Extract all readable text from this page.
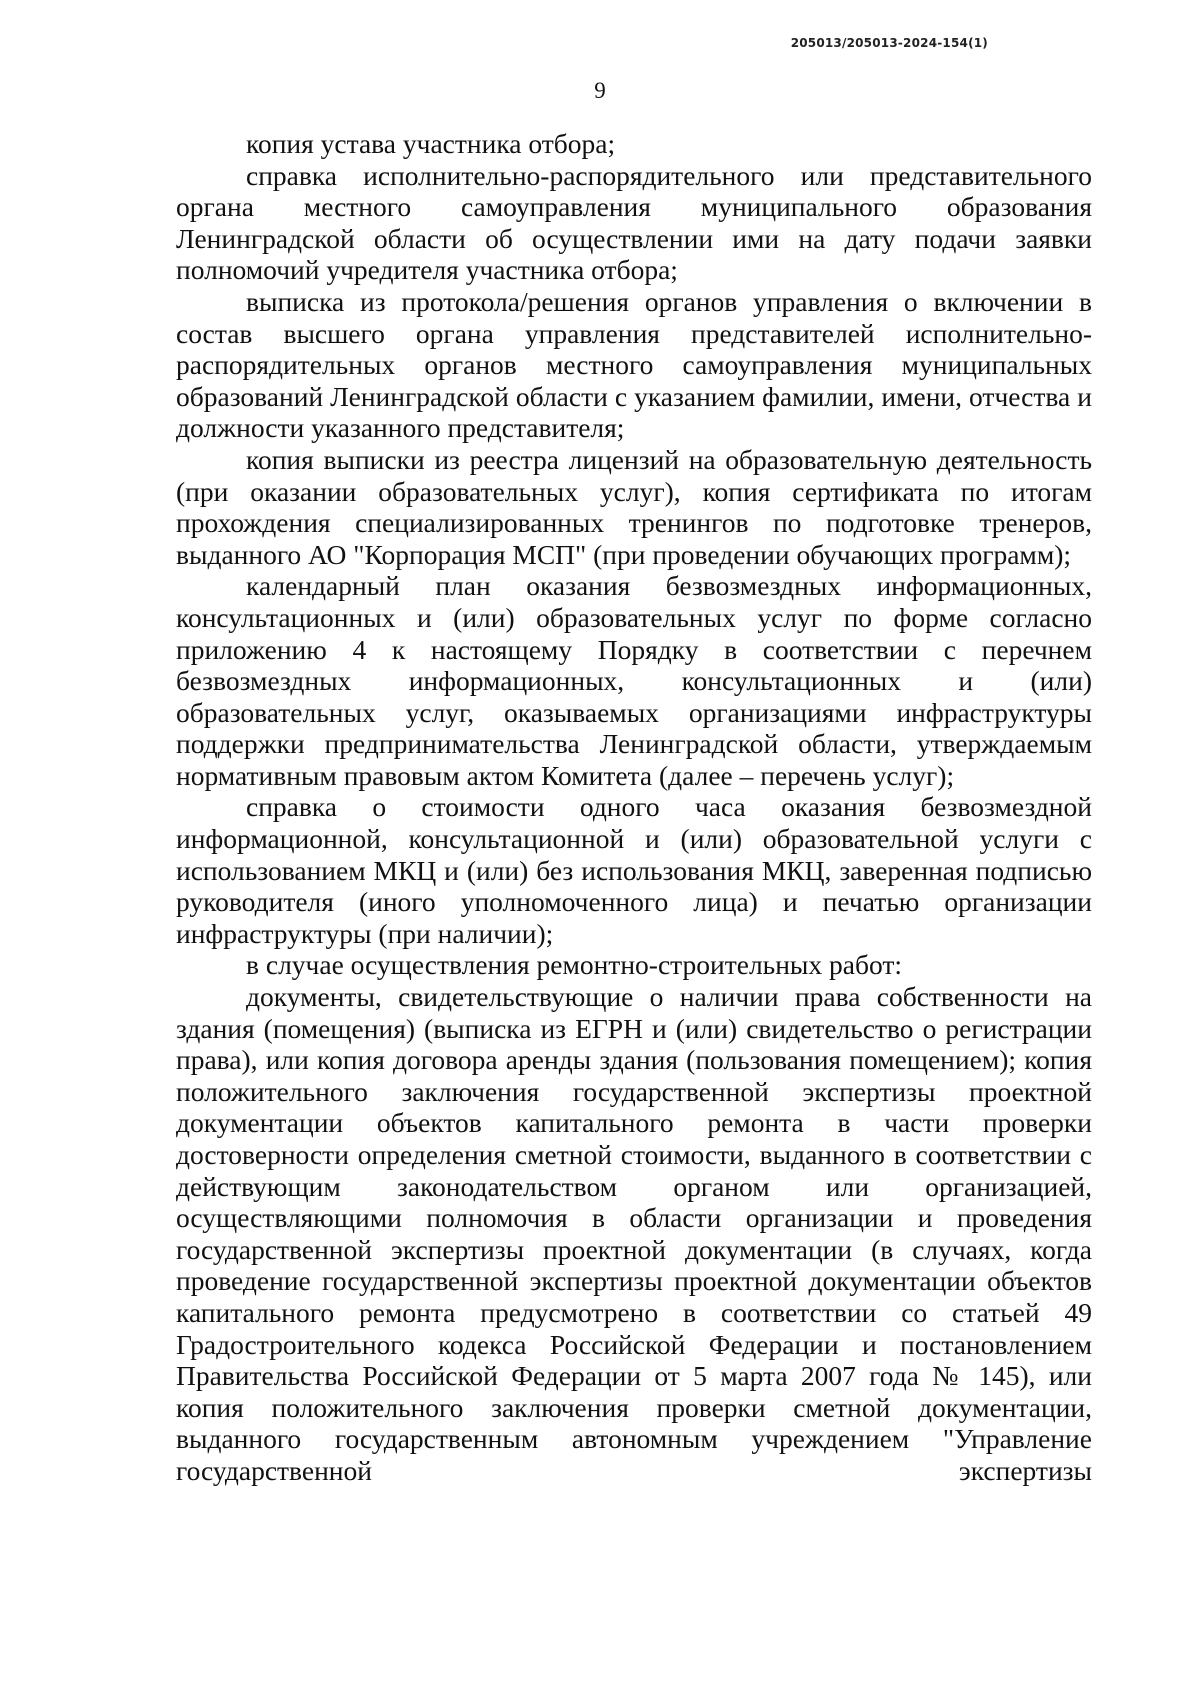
205013/205013-2024-154(1)
9

копия устава участника отбора;

справка исполнительно-распорядительного или представительного органа местного самоуправления муниципального образования Ленинградской области об осуществлении ими на дату подачи заявки полномочий учредителя участника отбора;

выписка из протокола/решения органов управления о включении в состав высшего органа управления представителей исполнительно-распорядительных органов местного самоуправления муниципальных образований Ленинградской области с указанием фамилии, имени, отчества и должности указанного представителя;

копия выписки из реестра лицензий на образовательную деятельность (при оказании образовательных услуг), копия сертификата по итогам прохождения специализированных тренингов по подготовке тренеров, выданного АО "Корпорация МСП" (при проведении обучающих программ);

календарный план оказания безвозмездных информационных, консультационных и (или) образовательных услуг по форме согласно приложению 4 к настоящему Порядку в соответствии с перечнем безвозмездных информационных, консультационных и (или) образовательных услуг, оказываемых организациями инфраструктуры поддержки предпринимательства Ленинградской области, утверждаемым нормативным правовым актом Комитета (далее – перечень услуг);

справка о стоимости одного часа оказания безвозмездной информационной, консультационной и (или) образовательной услуги с использованием МКЦ и (или) без использования МКЦ, заверенная подписью руководителя (иного уполномоченного лица) и печатью организации инфраструктуры (при наличии);

в случае осуществления ремонтно-строительных работ:

документы, свидетельствующие о наличии права собственности на здания (помещения) (выписка из ЕГРН и (или) свидетельство о регистрации права), или копия договора аренды здания (пользования помещением); копия положительного заключения государственной экспертизы проектной документации объектов капитального ремонта в части проверки достоверности определения сметной стоимости, выданного в соответствии с действующим законодательством органом или организацией, осуществляющими полномочия в области организации и проведения государственной экспертизы проектной документации (в случаях, когда проведение государственной экспертизы проектной документации объектов капитального ремонта предусмотрено в соответствии со статьей 49 Градостроительного кодекса Российской Федерации и постановлением Правительства Российской Федерации от 5 марта 2007 года № 145), или копия положительного заключения проверки сметной документации, выданного государственным автономным учреждением "Управление государственной экспертизы
